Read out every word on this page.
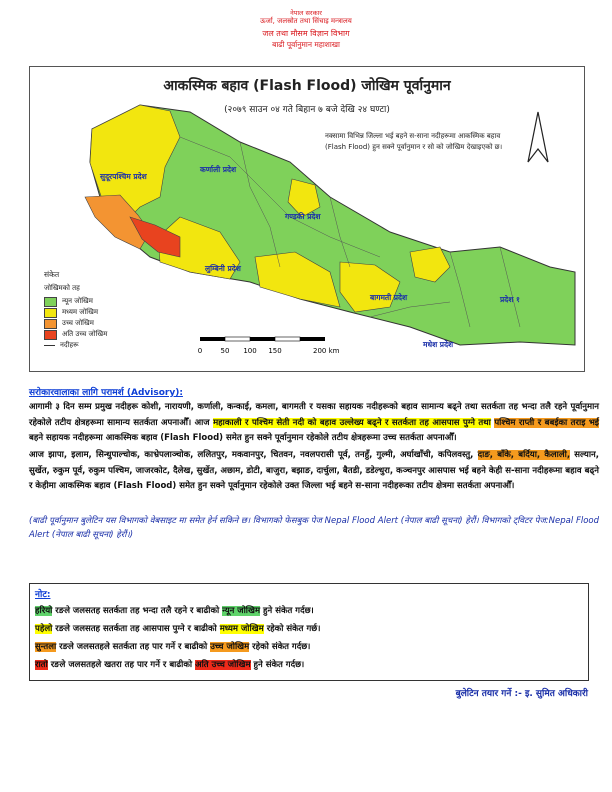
नेपाल सरकार
ऊर्जा, जलस्रोत तथा सिंचाइ मन्त्रालय
जल तथा मौसम विज्ञान विभाग
बाढी पूर्वानुमान महाशाखा
आकस्मिक बहाव (Flash Flood) जोखिम पूर्वानुमान
(२०७९ साउन ०४ गते बिहान ७ बजे देखि २४ घण्टा)
नक्सामा विभिन्न जिल्ला भई बहने स-साना नदीहरूमा आकस्मिक बहाव (Flash Flood) हुन सक्ने पूर्वानुमान र सो को जोखिम देखाइएको छ।
सुदूरपश्चिम प्रदेश
कर्णाली प्रदेश
गण्डकी प्रदेश
लुम्बिनी प्रदेश
बागमती प्रदेश	प्रदेश १
मधेश प्रदेश
संकेत
जोखिमको तह
न्यून जोखिम
मध्यम जोखिम
उच्च जोखिम
अति उच्च जोखिम
नदीहरू
0	50 100 150	200 km
सरोकारवालाका लागि परामर्श (Advisory):
आगामी ३ दिन सम्म प्रमुख नदीहरू कोशी, नारायणी, कर्णाली, कन्काई, कमला, बागमती र यसका सहायक नदीहरूको बहाव सामान्य बढ्ने तथा सतर्कता तह भन्दा तलै रहने पूर्वानुमान रहेकोले तटीय क्षेत्रहरूमा सामान्य सतर्कता अपनाऔँ। आज महाकाली र पश्चिम सेती नदी को बहाव उल्लेख्य बढ्ने र सतर्कता तह आसपास पुग्ने तथा पश्चिम राप्ती र बबईका तराइ भई बहने सहायक नदीहरूमा आकस्मिक बहाव (Flash Flood) समेत हुन सक्ने पूर्वानुमान रहेकोले तटीय क्षेत्रहरूमा उच्च सतर्कता अपनाऔँ।
आज झापा, इलाम, सिन्धुपाल्चोक, काभ्रेपलाञ्चोक, ललितपुर, मकवानपुर, चितवन, नवलपरासी पूर्व, तनहुँ, गुल्मी, अर्घाखाँची, कपिलवस्तु, दाङ, बाँके, बर्दिया, कैलाली, सल्यान, सुर्खेत, रुकुम पूर्व, रुकुम पश्चिम, जाजरकोट, दैलेख, सुर्खेत, अछाम, डोटी, बाजुरा, बझाङ, दार्चुला, बैतडी, डडेल्धुरा, कञ्चनपुर आसपास भई बहने केही स-साना नदीहरूमा बहाव बढ्ने र केहीमा आकस्मिक बहाव (Flash Flood) समेत हुन सक्ने पूर्वानुमान रहेकोले उक्त जिल्ला भई बहने स-साना नदीहरूका तटीय क्षेत्रमा सतर्कता अपनाऔँ।
(बाढी पूर्वानुमान बुलेटिन यस विभागको वेबसाइट मा समेत हेर्न सकिने छ। विभागको फेसबुक पेज Nepal Flood Alert (नेपाल बाढी सूचना) हेरौं। विभागको ट्विटर पेज:Nepal Flood Alert (नेपाल बाढी सूचना) हेरौं।)
नोट:
हरियो रङले जलसतह सतर्कता तह भन्दा तलै रहने र बाढीको न्यून जोखिम हुने संकेत गर्दछ।
पहेलो रङले जलसतह सतर्कता तह आसपास पुग्ने र बाढीको मध्यम जोखिम रहेको संकेत गर्छ।
सुन्तला रङले जलसतहले सतर्कता तह पार गर्ने र बाढीको उच्च जोखिम रहेको संकेत गर्दछ।
रातो रङले जलसतहले खतरा तह पार गर्ने र बाढीको अति उच्च जोखिम हुने संकेत गर्दछ।
बुलेटिन तयार गर्ने :- इ. सुमित अधिकारी
